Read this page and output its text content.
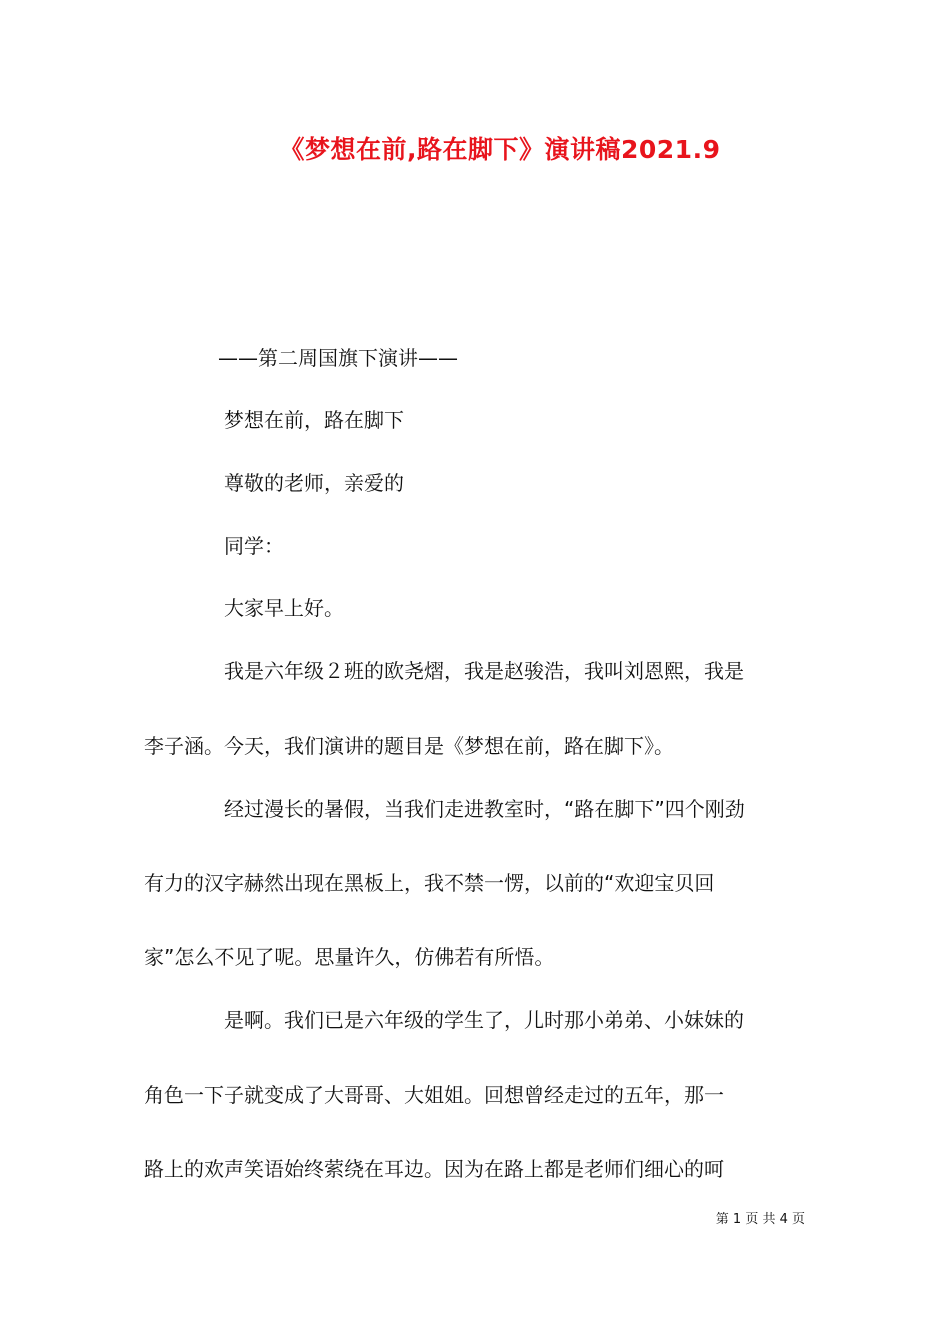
《梦想在前,路在脚下》演讲稿2021.9
——第二周国旗下演讲——
梦想在前，路在脚下
尊敬的老师，亲爱的
同学：
大家早上好。
我是六年级２班的欧尧熠，我是赵骏浩，我叫刘恩熙，我是
李子涵。今天，我们演讲的题目是《梦想在前，路在脚下》。
经过漫长的暑假，当我们走进教室时，“路在脚下”四个刚劲
有力的汉字赫然出现在黑板上，我不禁一愣，以前的“欢迎宝贝回
家”怎么不见了呢。思量许久，仿佛若有所悟。
是啊。我们已是六年级的学生了，儿时那小弟弟、小妹妹的
角色一下子就变成了大哥哥、大姐姐。回想曾经走过的五年，那一
路上的欢声笑语始终萦绕在耳边。因为在路上都是老师们细心的呵
第 1 页 共 4 页
